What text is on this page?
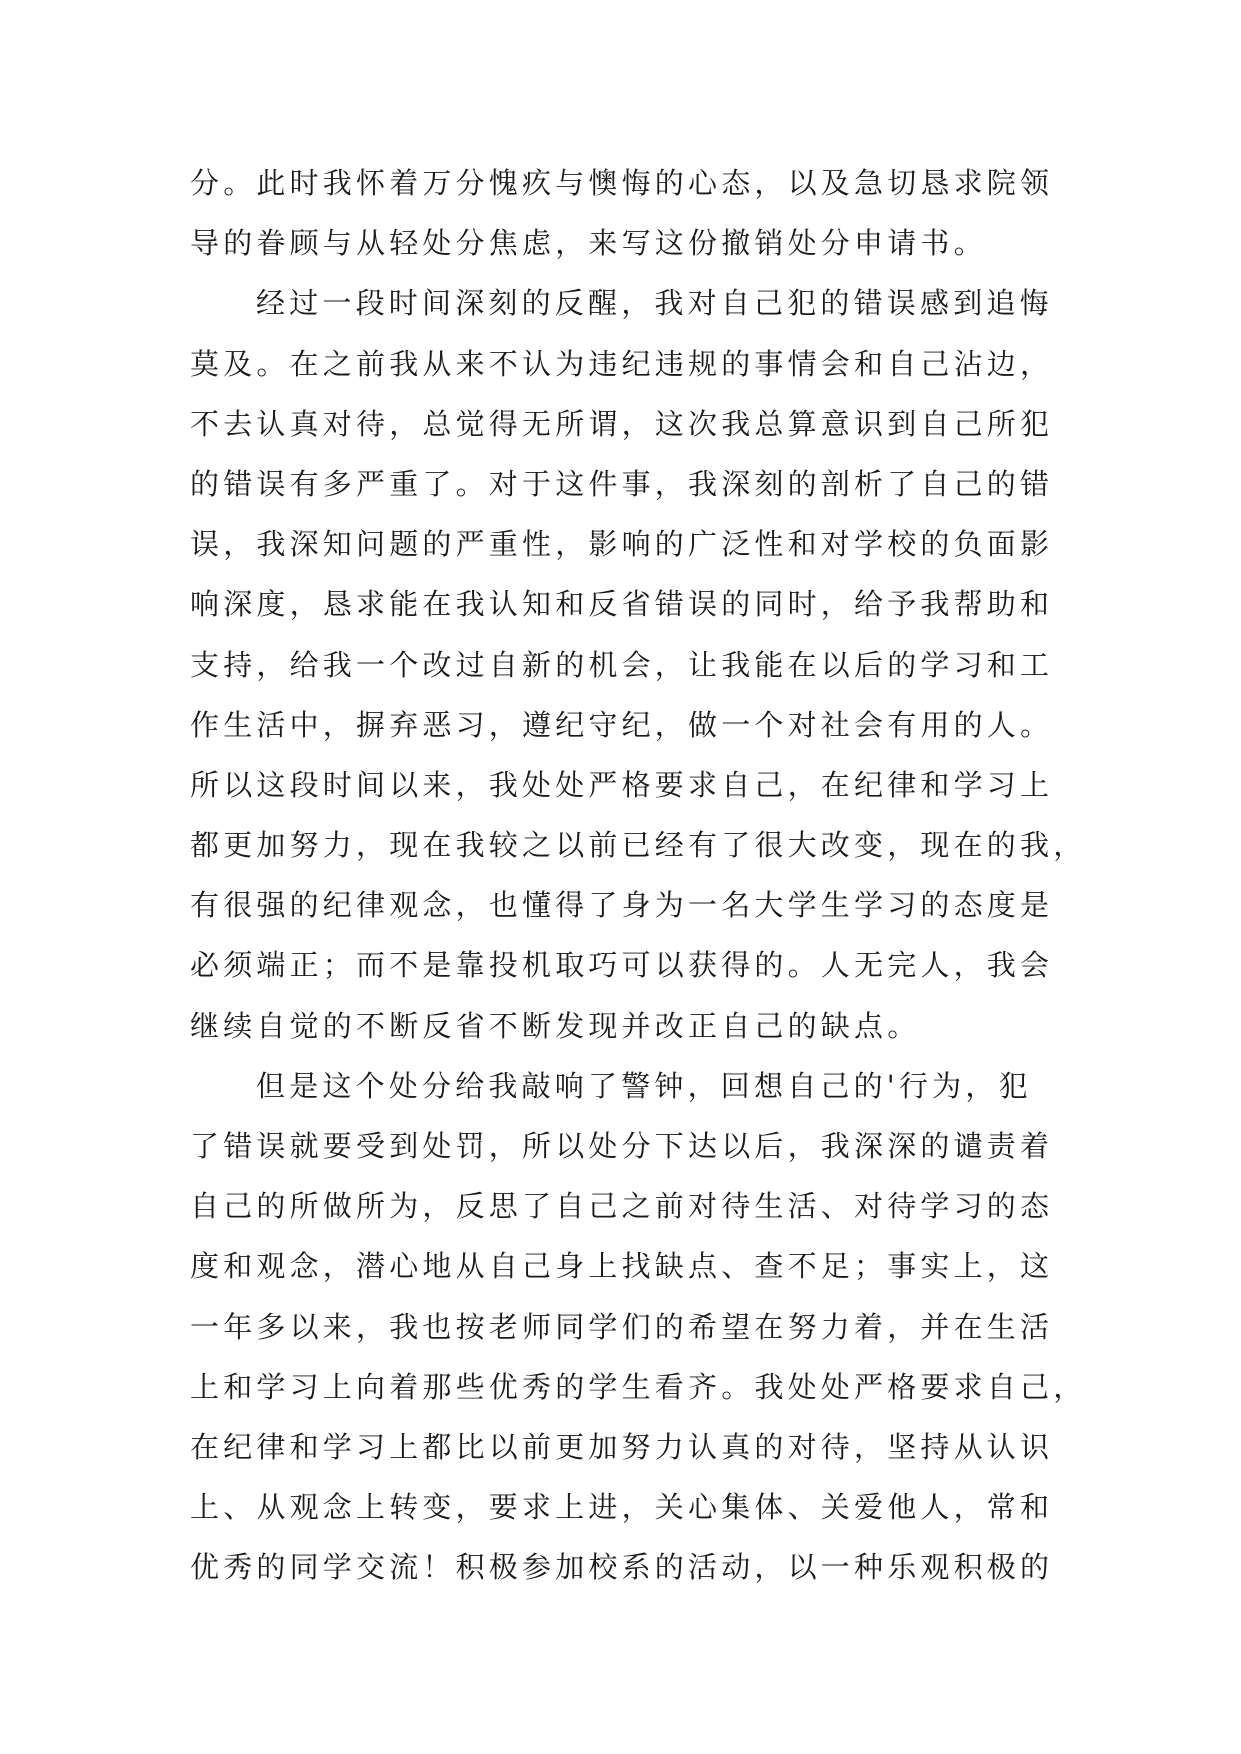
分。此时我怀着万分愧疚与懊悔的心态，以及急切恳求院领
导的眷顾与从轻处分焦虑，来写这份撤销处分申请书。
经过一段时间深刻的反醒，我对自己犯的错误感到追悔
莫及。在之前我从来不认为违纪违规的事情会和自己沾边，
不去认真对待，总觉得无所谓，这次我总算意识到自己所犯
的错误有多严重了。对于这件事，我深刻的剖析了自己的错
误，我深知问题的严重性，影响的广泛性和对学校的负面影
响深度，恳求能在我认知和反省错误的同时，给予我帮助和
支持，给我一个改过自新的机会，让我能在以后的学习和工
作生活中，摒弃恶习，遵纪守纪，做一个对社会有用的人。
所以这段时间以来，我处处严格要求自己，在纪律和学习上
都更加努力，现在我较之以前已经有了很大改变，现在的我，
有很强的纪律观念，也懂得了身为一名大学生学习的态度是
必须端正；而不是靠投机取巧可以获得的。人无完人，我会
继续自觉的不断反省不断发现并改正自己的缺点。
但是这个处分给我敲响了警钟，回想自己的'行为，犯
了错误就要受到处罚，所以处分下达以后，我深深的谴责着
自己的所做所为，反思了自己之前对待生活、对待学习的态
度和观念，潜心地从自己身上找缺点、查不足；事实上，这
一年多以来，我也按老师同学们的希望在努力着，并在生活
上和学习上向着那些优秀的学生看齐。我处处严格要求自己，
在纪律和学习上都比以前更加努力认真的对待，坚持从认识
上、从观念上转变，要求上进，关心集体、关爱他人，常和
优秀的同学交流！积极参加校系的活动，以一种乐观积极的
